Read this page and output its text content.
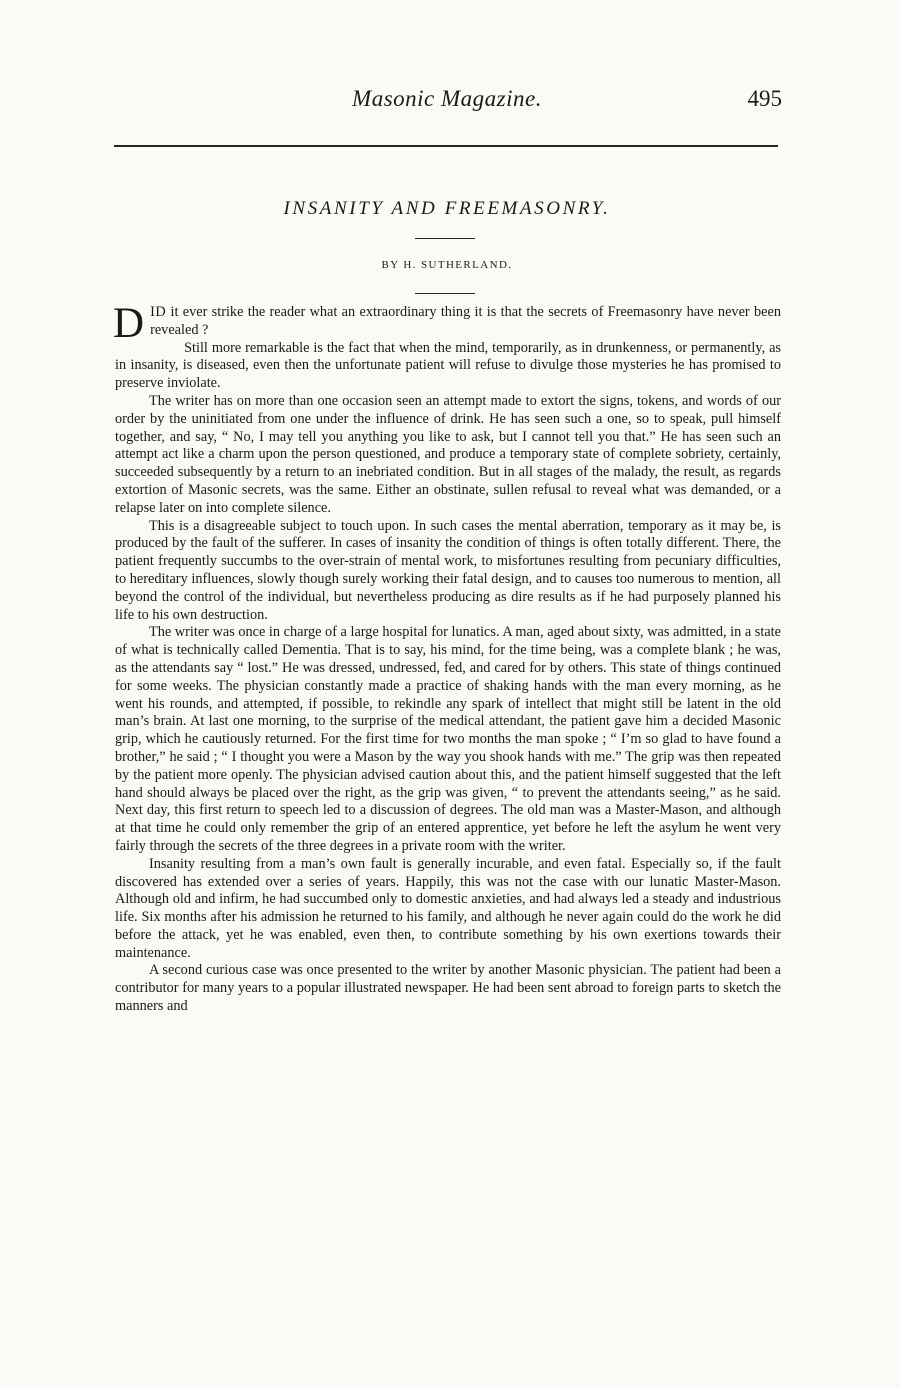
Masonic Magazine.	495
INSANITY AND FREEMASONRY.
BY H. SUTHERLAND.

DID it ever strike the reader what an extraordinary thing it is that the secrets of Freemasonry have never been revealed ?

Still more remarkable is the fact that when the mind, temporarily, as in drunkenness, or permanently, as in insanity, is diseased, even then the unfortunate patient will refuse to divulge those mysteries he has promised to preserve inviolate.

The writer has on more than one occasion seen an attempt made to extort the signs, tokens, and words of our order by the uninitiated from one under the influence of drink. He has seen such a one, so to speak, pull himself together, and say, “ No, I may tell you anything you like to ask, but I cannot tell you that.” He has seen such an attempt act like a charm upon the person questioned, and produce a temporary state of complete sobriety, certainly, succeeded subsequently by a return to an inebriated condition. But in all stages of the malady, the result, as regards extortion of Masonic secrets, was the same. Either an obstinate, sullen refusal to reveal what was demanded, or a relapse later on into complete silence.

This is a disagreeable subject to touch upon. In such cases the mental aberration, temporary as it may be, is produced by the fault of the sufferer. In cases of insanity the condition of things is often totally different. There, the patient frequently succumbs to the over-strain of mental work, to misfortunes resulting from pecuniary difficulties, to hereditary influences, slowly though surely working their fatal design, and to causes too numerous to mention, all beyond the control of the individual, but nevertheless producing as dire results as if he had purposely planned his life to his own destruction.

The writer was once in charge of a large hospital for lunatics. A man, aged about sixty, was admitted, in a state of what is technically called Dementia. That is to say, his mind, for the time being, was a complete blank ; he was, as the attendants say “ lost.” He was dressed, undressed, fed, and cared for by others. This state of things continued for some weeks. The physician constantly made a practice of shaking hands with the man every morning, as he went his rounds, and attempted, if possible, to rekindle any spark of intellect that might still be latent in the old man’s brain. At last one morning, to the surprise of the medical attendant, the patient gave him a decided Masonic grip, which he cautiously returned. For the first time for two months the man spoke ; “ I’m so glad to have found a brother,” he said ; “ I thought you were a Mason by the way you shook hands with me.” The grip was then repeated by the patient more openly. The physician advised caution about this, and the patient himself suggested that the left hand should always be placed over the right, as the grip was given, “ to prevent the attendants seeing,” as he said. Next day, this first return to speech led to a discussion of degrees. The old man was a Master-Mason, and although at that time he could only remember the grip of an entered apprentice, yet before he left the asylum he went very fairly through the secrets of the three degrees in a private room with the writer.

Insanity resulting from a man’s own fault is generally incurable, and even fatal. Especially so, if the fault discovered has extended over a series of years. Happily, this was not the case with our lunatic Master-Mason. Although old and infirm, he had succumbed only to domestic anxieties, and had always led a steady and industrious life. Six months after his admission he returned to his family, and although he never again could do the work he did before the attack, yet he was enabled, even then, to contribute something by his own exertions towards their maintenance.

A second curious case was once presented to the writer by another Masonic physician. The patient had been a contributor for many years to a popular illustrated newspaper. He had been sent abroad to foreign parts to sketch the manners and
